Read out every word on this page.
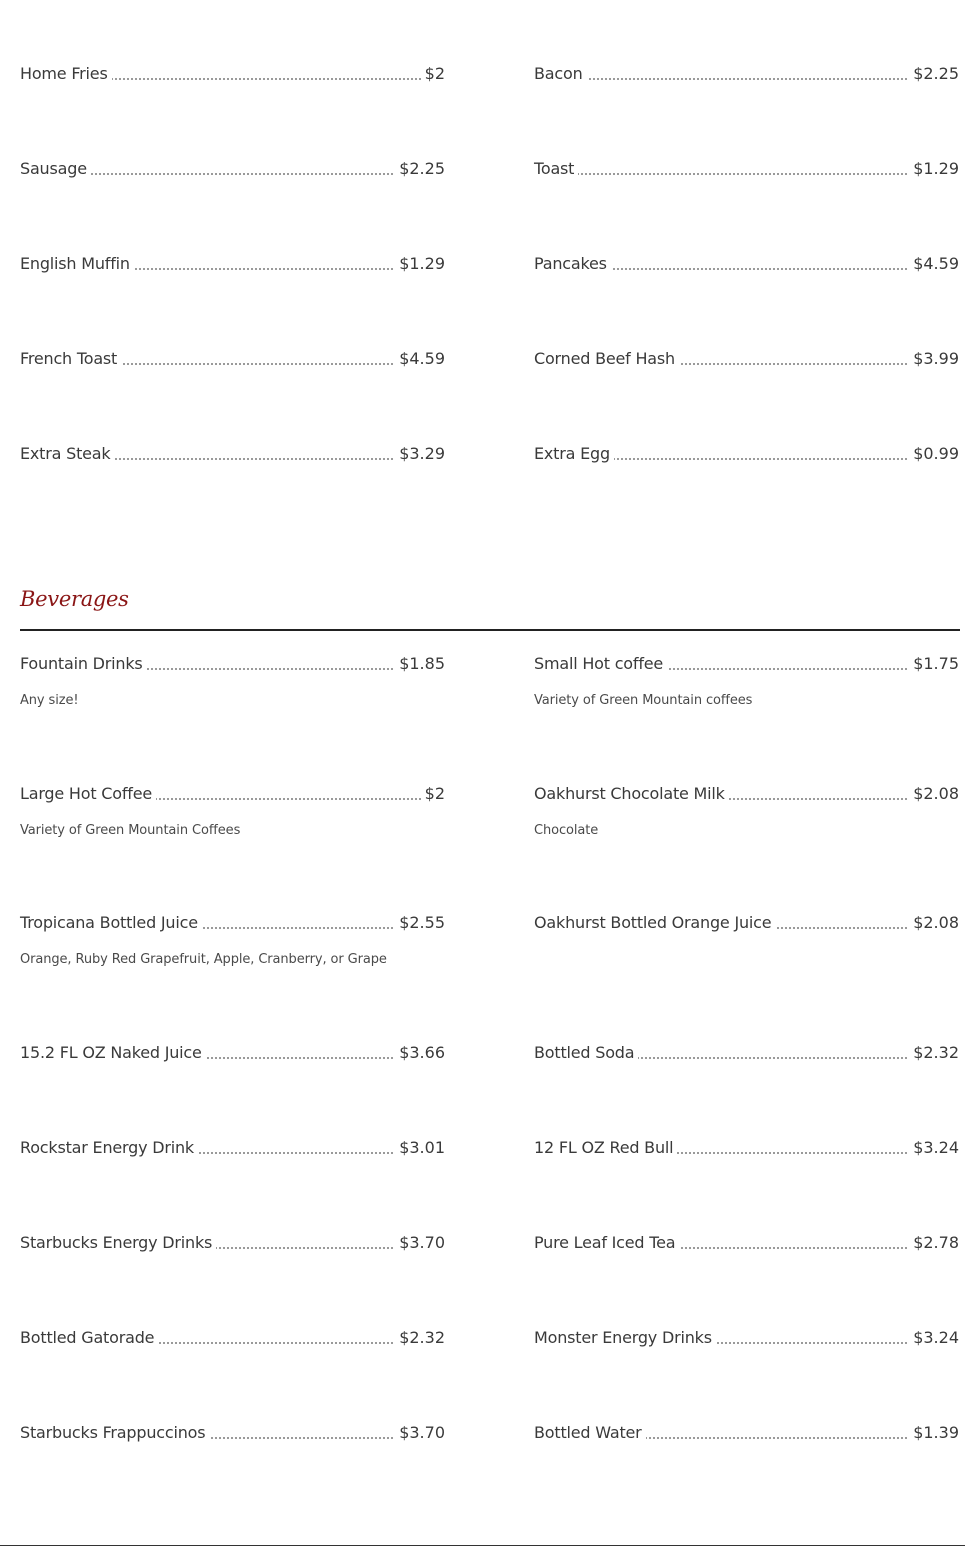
Home Fries	$2	Bacon	$2.25
Sausage	$2.25	Toast	$1.29
English Muffin	$1.29	Pancakes	$4.59
French Toast	$4.59	Corned Beef Hash	$3.99
Extra Steak	$3.29	Extra Egg	$0.99
Beverages
Fountain Drinks	$1.85
Any size!
Small Hot coffee	$1.75
Variety of Green Mountain coffees
Large Hot Coffee	$2
Variety of Green Mountain Coffees
Oakhurst Chocolate Milk	$2.08
Chocolate
Tropicana Bottled Juice	$2.55
Orange, Ruby Red Grapefruit, Apple, Cranberry, or Grape
Oakhurst Bottled Orange Juice	$2.08
15.2 FL OZ Naked Juice	$3.66	Bottled Soda	$2.32
Rockstar Energy Drink	$3.01	12 FL OZ Red Bull	$3.24
Starbucks Energy Drinks	$3.70	Pure Leaf Iced Tea	$2.78
Bottled Gatorade	$2.32	Monster Energy Drinks	$3.24
Starbucks Frappuccinos	$3.70	Bottled Water	$1.39
